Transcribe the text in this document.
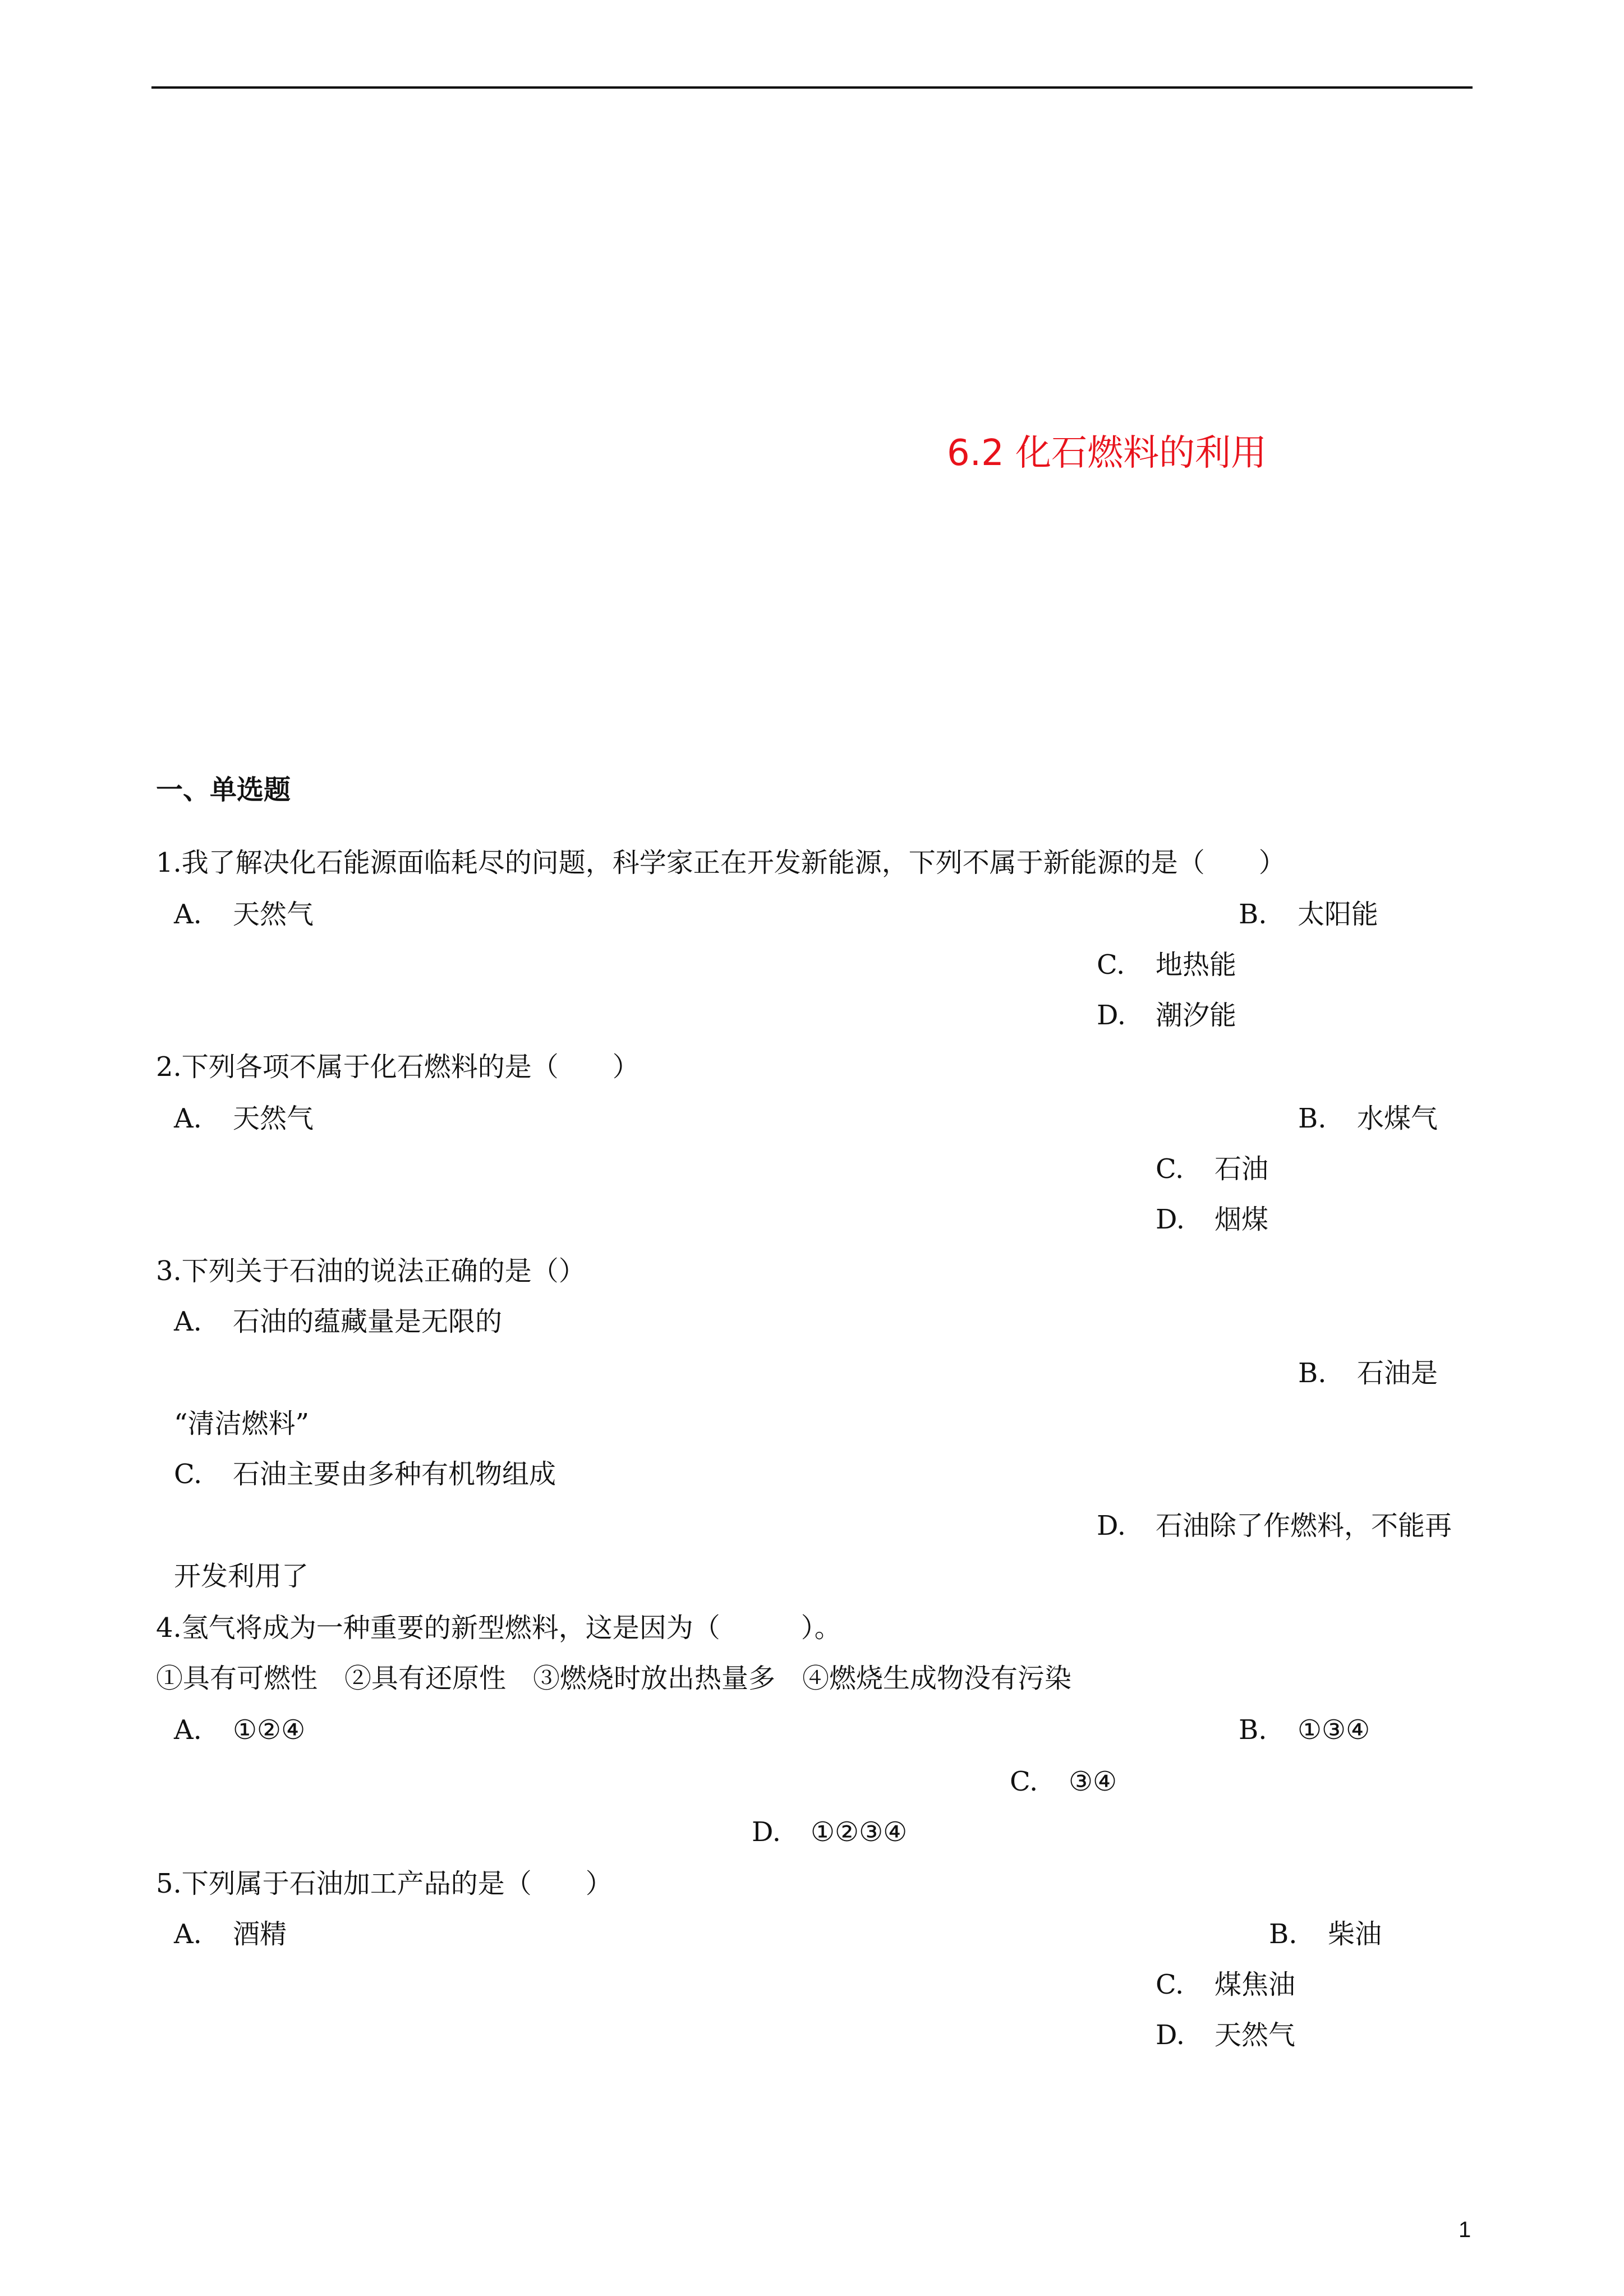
6.2 化石燃料的利用
一、单选题
1.我了解决化石能源面临耗尽的问题，科学家正在开发新能源，下列不属于新能源的是（　　）
A. 天然气	B. 太阳能
C. 地热能
D. 潮汐能
2.下列各项不属于化石燃料的是（　　）
A. 天然气	B. 水煤气
C. 石油
D. 烟煤
3.下列关于石油的说法正确的是（）
A. 石油的蕴藏量是无限的
B. 石油是
“清洁燃料”
C. 石油主要由多种有机物组成
D. 石油除了作燃料，不能再
开发利用了
4.氢气将成为一种重要的新型燃料，这是因为（　　　）。
①具有可燃性　②具有还原性　③燃烧时放出热量多　④燃烧生成物没有污染
A. ①②④	B. ①③④
C. ③④
D. ①②③④
5.下列属于石油加工产品的是（　　）
A. 酒精	B. 柴油
C. 煤焦油
D. 天然气
1
